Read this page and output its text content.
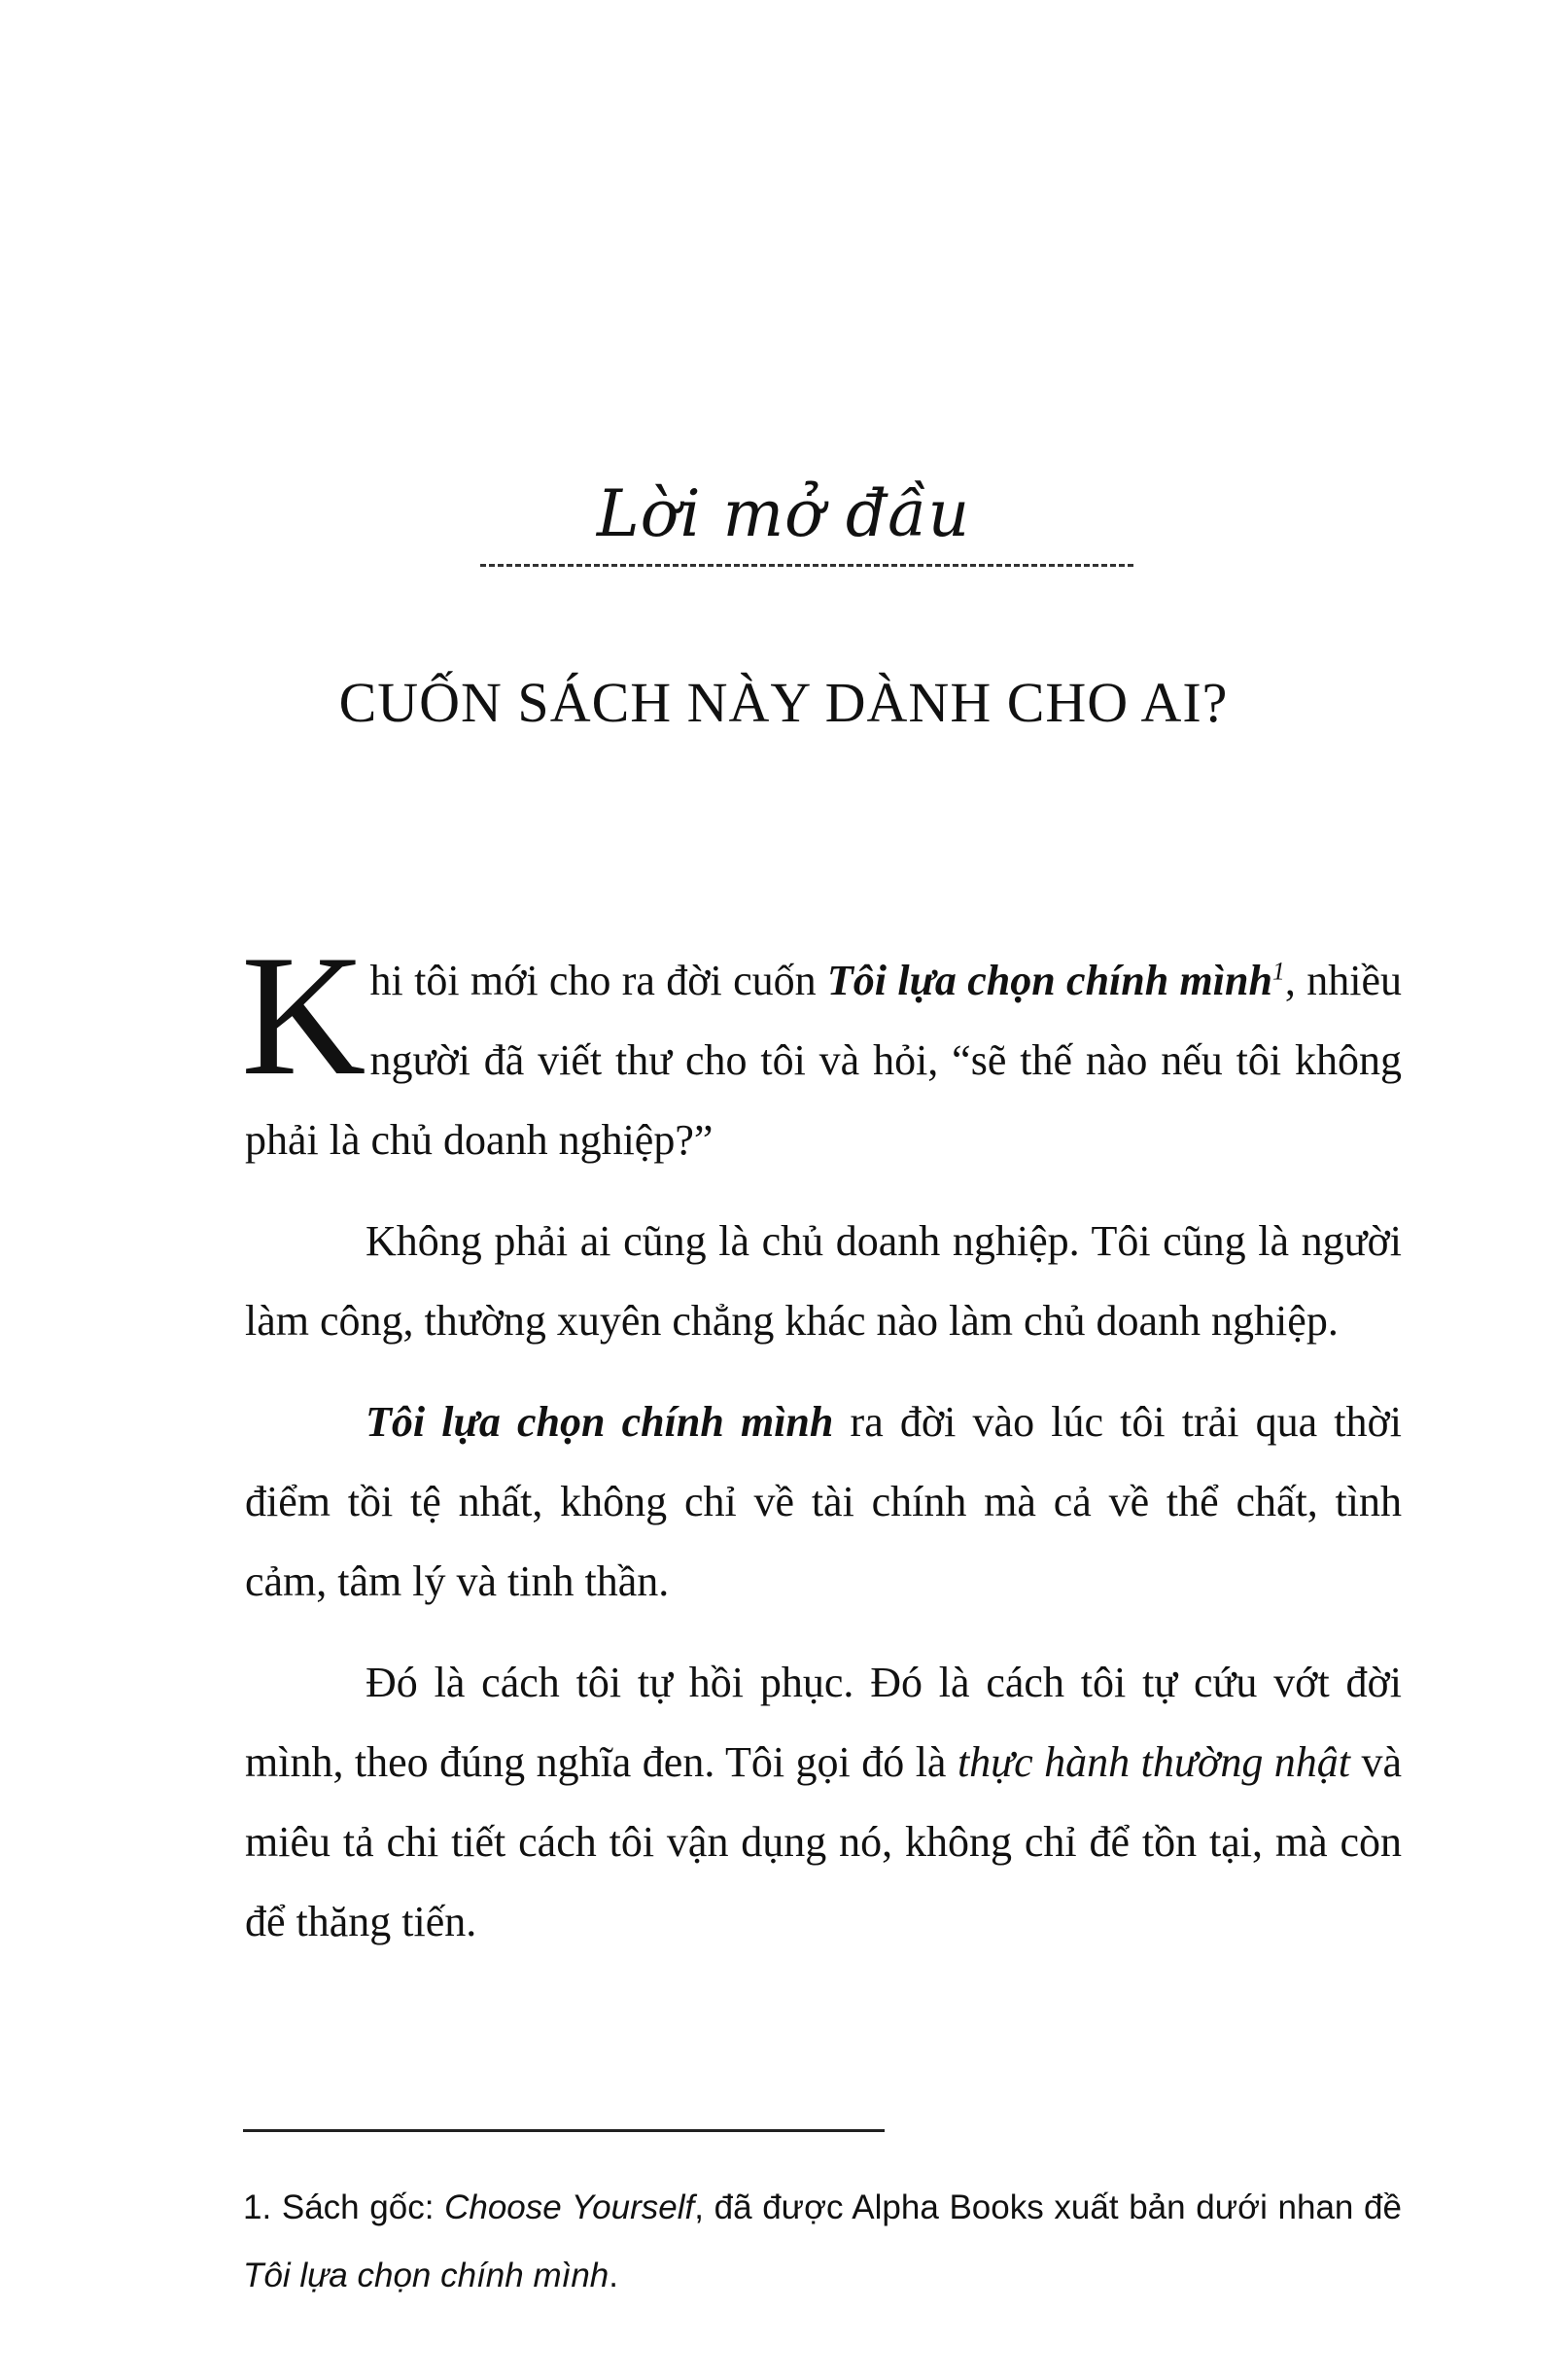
Lời mở đầu
CUỐN SÁCH NÀY DÀNH CHO AI?

Khi tôi mới cho ra đời cuốn Tôi lựa chọn chính mình$^1$, nhiều người đã viết thư cho tôi và hỏi, “sẽ thế nào nếu tôi không phải là chủ doanh nghiệp?”

Không phải ai cũng là chủ doanh nghiệp. Tôi cũng là người làm công, thường xuyên chẳng khác nào làm chủ doanh nghiệp.

Tôi lựa chọn chính mình ra đời vào lúc tôi trải qua thời điểm tồi tệ nhất, không chỉ về tài chính mà cả về thể chất, tình cảm, tâm lý và tinh thần.

Đó là cách tôi tự hồi phục. Đó là cách tôi tự cứu vớt đời mình, theo đúng nghĩa đen. Tôi gọi đó là thực hành thường nhật và miêu tả chi tiết cách tôi vận dụng nó, không chỉ để tồn tại, mà còn để thăng tiến.

1. Sách gốc: Choose Yourself, đã được Alpha Books xuất bản dưới nhan đề Tôi lựa chọn chính mình.
